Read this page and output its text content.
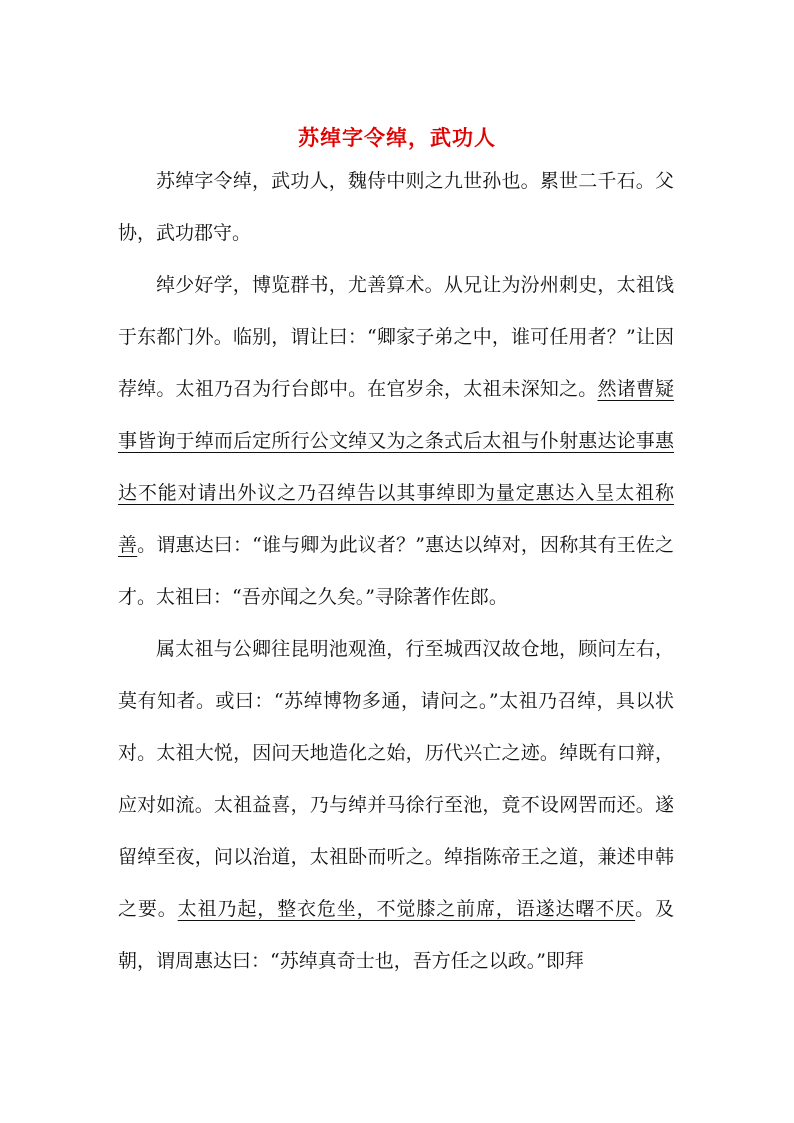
苏绰字令绰，武功人

苏绰字令绰，武功人，魏侍中则之九世孙也。累世二千石。父协，武功郡守。

绰少好学，博览群书，尤善算术。从兄让为汾州刺史，太祖饯于东都门外。临别，谓让曰：“卿家子弟之中，谁可任用者？”让因荐绰。太祖乃召为行台郎中。在官岁余，太祖未深知之。然诸曹疑事皆询于绰而后定所行公文绰又为之条式后太祖与仆射惠达论事惠达不能对请出外议之乃召绰告以其事绰即为量定惠达入呈太祖称善。谓惠达曰：“谁与卿为此议者？”惠达以绰对，因称其有王佐之才。太祖曰：“吾亦闻之久矣。”寻除著作佐郎。

属太祖与公卿往昆明池观渔，行至城西汉故仓地，顾问左右，莫有知者。或曰：“苏绰博物多通，请问之。”太祖乃召绰，具以状对。太祖大悦，因问天地造化之始，历代兴亡之迹。绰既有口辩，应对如流。太祖益喜，乃与绰并马徐行至池，竟不设网罟而还。遂留绰至夜，问以治道，太祖卧而听之。绰指陈帝王之道，兼述申韩之要。太祖乃起，整衣危坐，不觉膝之前席，语遂达曙不厌。及朝，谓周惠达曰：“苏绰真奇士也，吾方任之以政。”即拜
